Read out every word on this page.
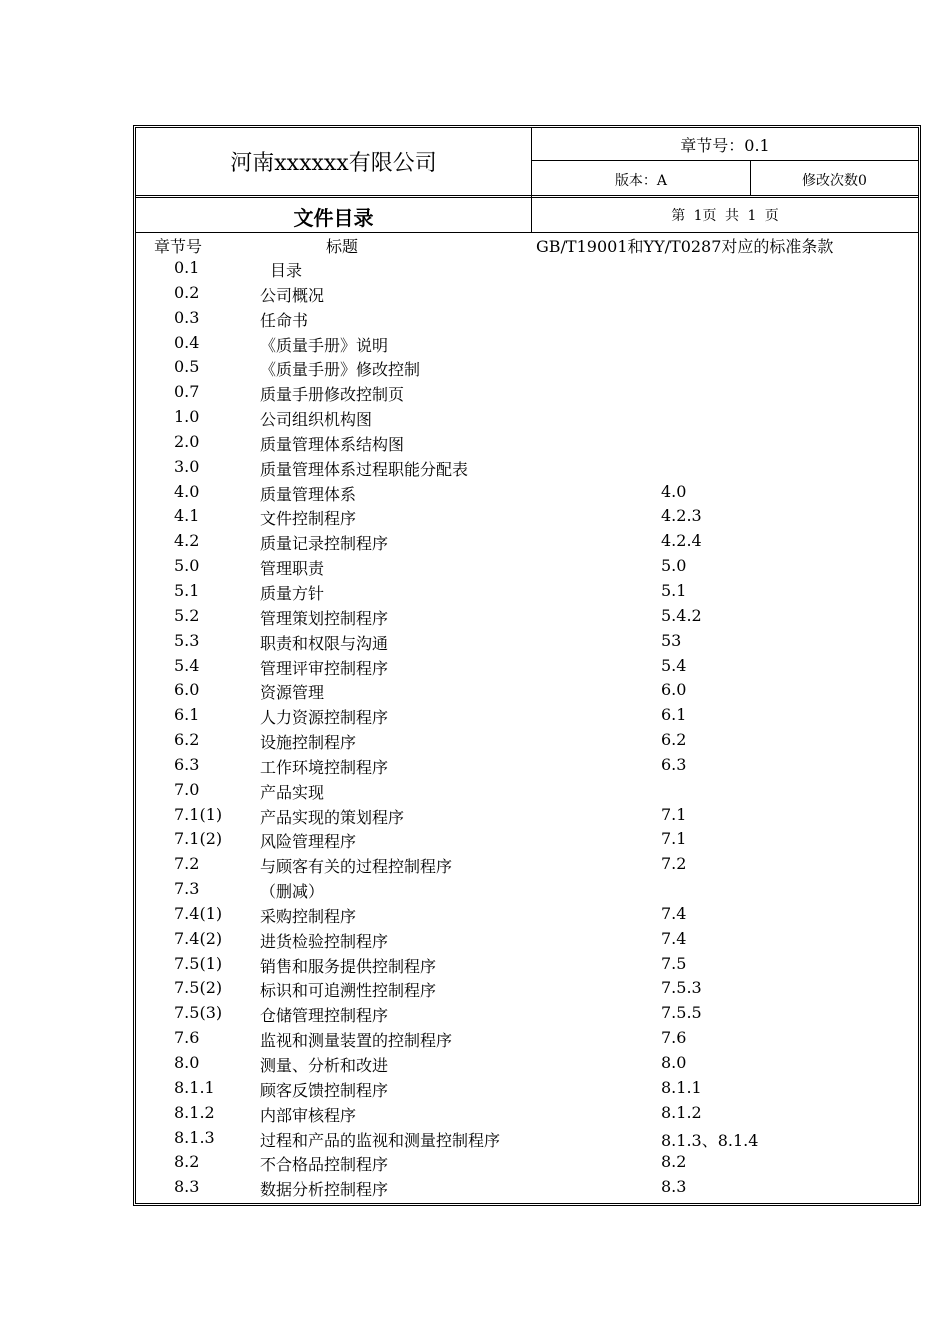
河南xxxxxx有限公司
章节号：0.1
版本：A	修改次数0
文件目录	第 1页 共 1 页
章节号	标题	GB/T19001和YY/T0287对应的标准条款
0.1	目录
0.2	公司概况
0.3	任命书
0.4	《质量手册》说明
0.5	《质量手册》修改控制
0.7	质量手册修改控制页
1.0	公司组织机构图
2.0	质量管理体系结构图
3.0	质量管理体系过程职能分配表
4.0	质量管理体系	4.0
4.1	文件控制程序	4.2.3
4.2	质量记录控制程序	4.2.4
5.0	管理职责	5.0
5.1	质量方针	5.1
5.2	管理策划控制程序	5.4.2
5.3	职责和权限与沟通	53
5.4	管理评审控制程序	5.4
6.0	资源管理	6.0
6.1	人力资源控制程序	6.1
6.2	设施控制程序	6.2
6.3	工作环境控制程序	6.3
7.0	产品实现
7.1(1) 产品实现的策划程序	7.1
7.1(2) 风险管理程序	7.1
7.2	与顾客有关的过程控制程序	7.2
7.3	（删减）
7.4(1) 采购控制程序	7.4
7.4(2) 进货检验控制程序	7.4
7.5(1) 销售和服务提供控制程序	7.5
7.5(2) 标识和可追溯性控制程序	7.5.3
7.5(3) 仓储管理控制程序	7.5.5
7.6	监视和测量装置的控制程序	7.6
8.0	测量、分析和改进	8.0
8.1.1	顾客反馈控制程序	8.1.1
8.1.2	内部审核程序	8.1.2
8.1.3	过程和产品的监视和测量控制程序	8.1.3、8.1.4
8.2	不合格品控制程序	8.2
8.3	数据分析控制程序	8.3
